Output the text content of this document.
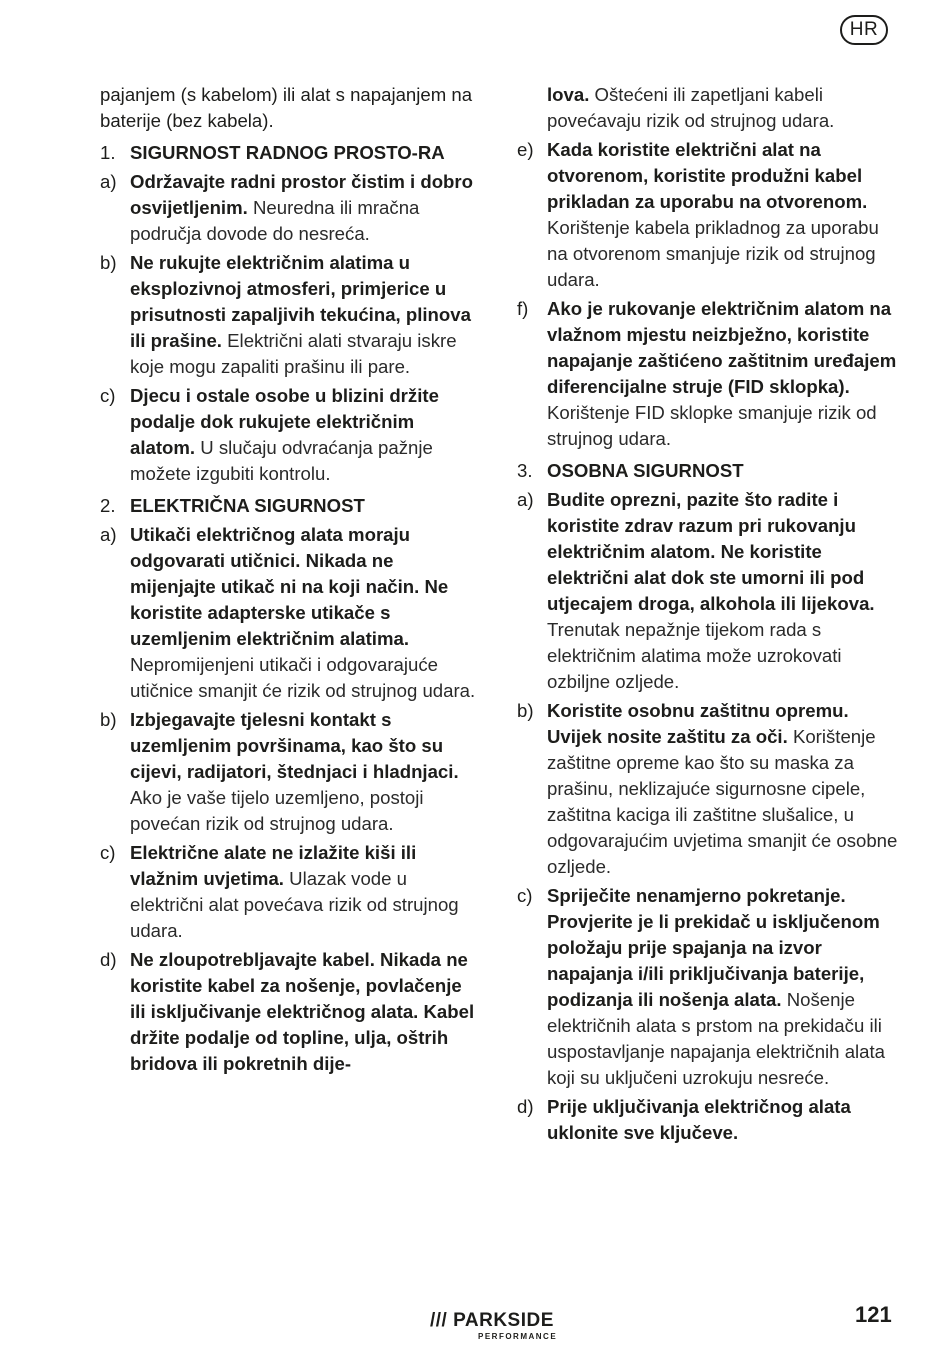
HR

pajanjem (s kabelom) ili alat s napajanjem na baterije (bez kabela).

1. SIGURNOST RADNOG PROSTO-RA

a) Održavajte radni prostor čistim i dobro osvijetljenim. Neuredna ili mračna područja dovode do nesreća.

b) Ne rukujte električnim alatima u eksplozivnoj atmosferi, primjerice u prisutnosti zapaljivih tekućina, plinova ili prašine. Električni alati stvaraju iskre koje mogu zapaliti prašinu ili pare.

c) Djecu i ostale osobe u blizini držite podalje dok rukujete električnim alatom. U slučaju odvraćanja pažnje možete izgubiti kontrolu.

2. ELEKTRIČNA SIGURNOST

a) Utikači električnog alata moraju odgovarati utičnici. Nikada ne mijenjajte utikač ni na koji način. Ne koristite adapterske utikače s uzemljenim električnim alatima. Nepromijenjeni utikači i odgovarajuće utičnice smanjit će rizik od strujnog udara.

b) Izbjegavajte tjelesni kontakt s uzemljenim površinama, kao što su cijevi, radijatori, štednjaci i hladnjaci. Ako je vaše tijelo uzemljeno, postoji povećan rizik od strujnog udara.

c) Električne alate ne izlažite kiši ili vlažnim uvjetima. Ulazak vode u električni alat povećava rizik od strujnog udara.

d) Ne zloupotrebljavajte kabel. Nikada ne koristite kabel za nošenje, povlačenje ili isključivanje električnog alata. Kabel držite podalje od topline, ulja, oštrih bridova ili pokretnih dije-

lova. Oštećeni ili zapetljani kabeli povećavaju rizik od strujnog udara.

e) Kada koristite električni alat na otvorenom, koristite produžni kabel prikladan za uporabu na otvorenom. Korištenje kabela prikladnog za uporabu na otvorenom smanjuje rizik od strujnog udara.

f) Ako je rukovanje električnim alatom na vlažnom mjestu neizbježno, koristite napajanje zaštićeno zaštitnim uređajem diferencijalne struje (FID sklopka). Korištenje FID sklopke smanjuje rizik od strujnog udara.

3. OSOBNA SIGURNOST

a) Budite oprezni, pazite što radite i koristite zdrav razum pri rukovanju električnim alatom. Ne koristite električni alat dok ste umorni ili pod utjecajem droga, alkohola ili lijekova. Trenutak nepažnje tijekom rada s električnim alatima može uzrokovati ozbiljne ozljede.

b) Koristite osobnu zaštitnu opremu. Uvijek nosite zaštitu za oči. Korištenje zaštitne opreme kao što su maska za prašinu, neklizajuće sigurnosne cipele, zaštitna kaciga ili zaštitne slušalice, u odgovarajućim uvjetima smanjit će osobne ozljede.

c) Spriječite nenamjerno pokretanje. Provjerite je li prekidač u isključenom položaju prije spajanja na izvor napajanja i/ili priključivanja baterije, podizanja ili nošenja alata. Nošenje električnih alata s prstom na prekidaču ili uspostavljanje napajanja električnih alata koji su uključeni uzrokuju nesreće.

d) Prije uključivanja električnog alata uklonite sve ključeve.

/// PARKSIDE
PERFORMANCE
121
